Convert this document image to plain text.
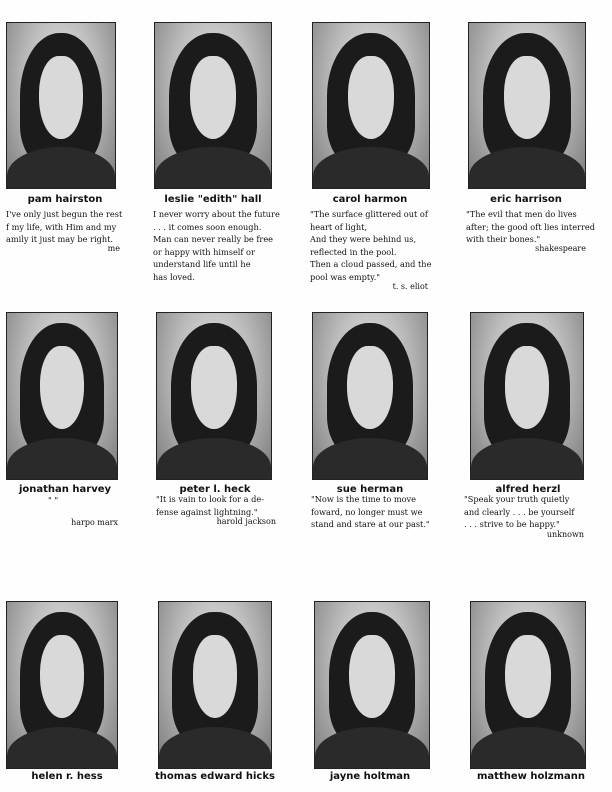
pam hairston
I've only just begun the rest
f my life, with Him and my
amily it just may be right.
me
leslie "edith" hall
I never worry about the future
. . . it comes soon enough.
Man can never really be free
or happy with himself or
understand life until he
has loved.
carol harmon
"The surface glittered out of
heart of light,
And they were behind us,
reflected in the pool.
Then a cloud passed, and the
pool was empty."
t. s. eliot
eric harrison
"The evil that men do lives
after; the good oft lies interred
with their bones."
shakespeare
jonathan harvey
" "
harpo marx
peter l. heck
"It is vain to look for a de-
fense against lightning."
harold jackson
sue herman
"Now is the time to move
foward, no longer must we
stand and stare at our past."
alfred herzl
"Speak your truth quietly
and clearly . . . be yourself
. . . strive to be happy."
unknown
helen r. hess	thomas edward hicks	jayne holtman	matthew holzmann
